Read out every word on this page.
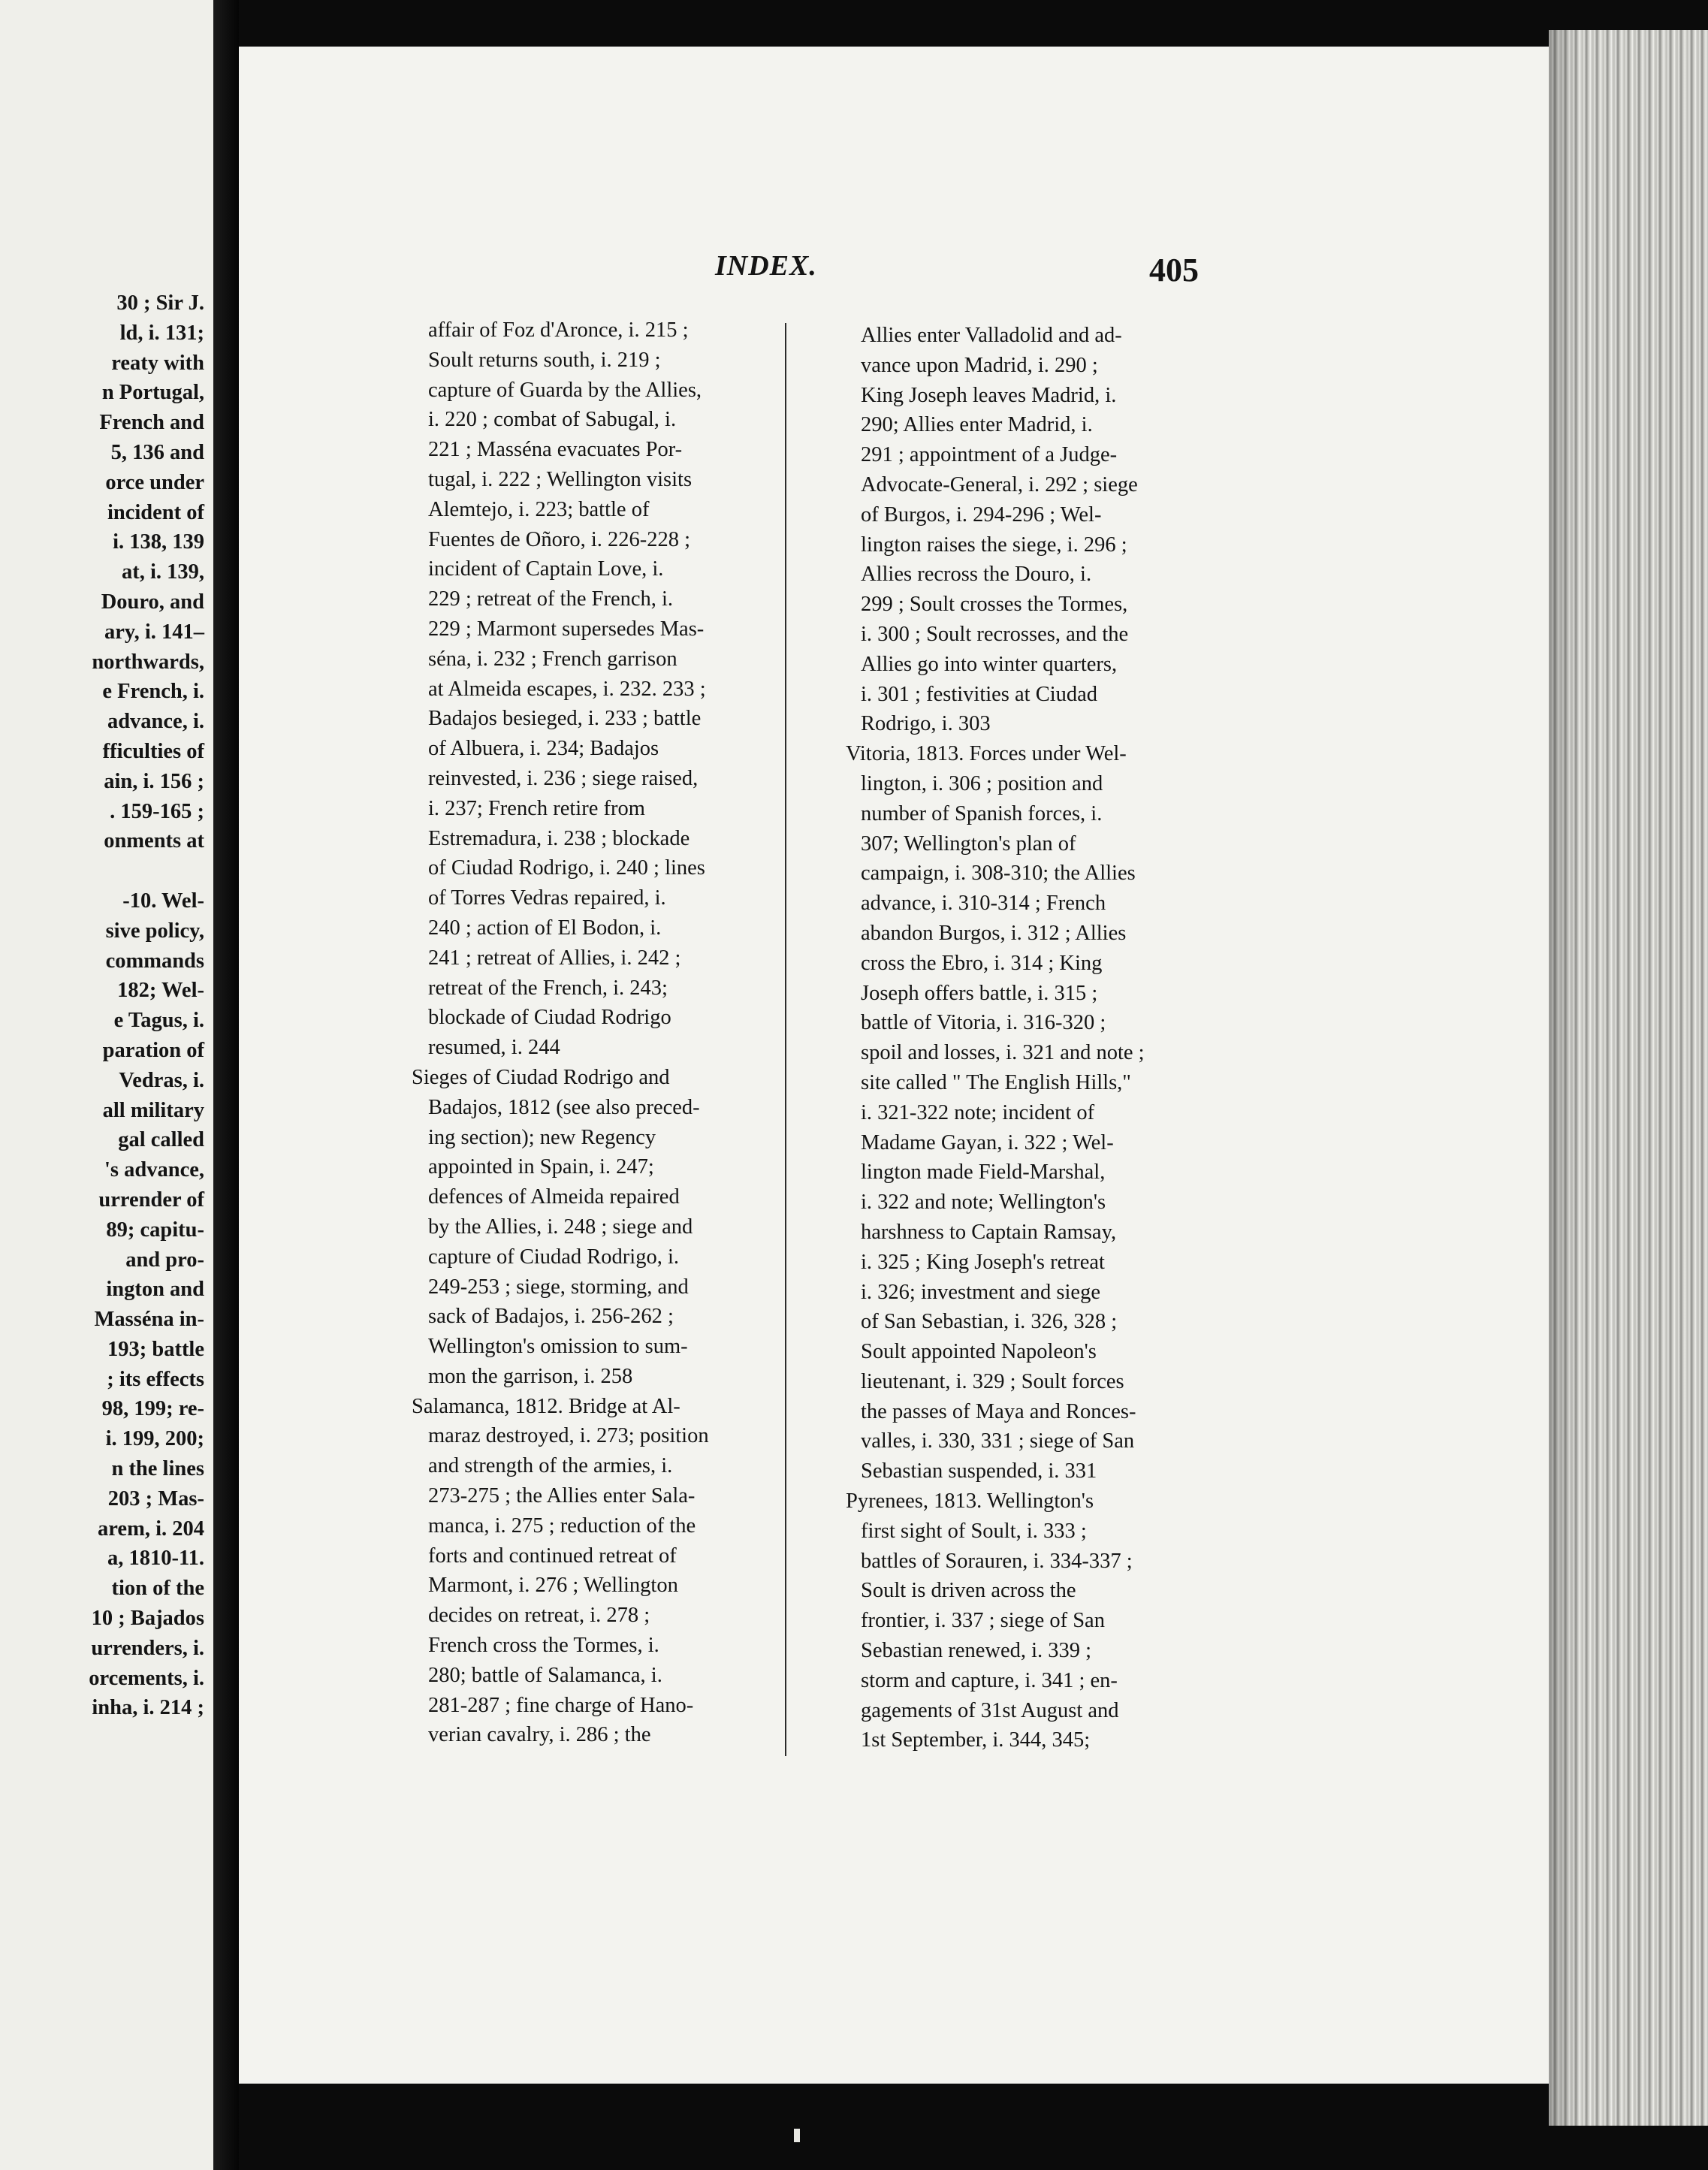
30 ; Sir J.
ld, i. 131;
reaty with
n Portugal,
French and
5, 136 and
orce under
incident of
i. 138, 139
at, i. 139,
Douro, and
ary, i. 141–
northwards,
e French, i.
advance, i.
fficulties of
ain, i. 156 ;
. 159-165 ;
onments at
-10. Wel-
sive policy,
commands
182; Wel-
e Tagus, i.
paration of
Vedras, i.
all military
gal called
's advance,
urrender of
89; capitu-
and pro-
ington and
Masséna in-
193; battle
; its effects
98, 199; re-
i. 199, 200;
n the lines
203 ; Mas-
arem, i. 204
a, 1810-11.
tion of the
10 ; Bajados
urrenders, i.
orcements, i.
inha, i. 214 ;
INDEX.	405
affair of Foz d'Aronce, i. 215 ;
Soult returns south, i. 219 ;
capture of Guarda by the Allies,
i. 220 ; combat of Sabugal, i.
221 ; Masséna evacuates Por-
tugal, i. 222 ; Wellington visits
Alemtejo, i. 223; battle of
Fuentes de Oñoro, i. 226-228 ;
incident of Captain Love, i.
229 ; retreat of the French, i.
229 ; Marmont supersedes Mas-
séna, i. 232 ; French garrison
at Almeida escapes, i. 232. 233 ;
Badajos besieged, i. 233 ; battle
of Albuera, i. 234; Badajos
reinvested, i. 236 ; siege raised,
i. 237; French retire from
Estremadura, i. 238 ; blockade
of Ciudad Rodrigo, i. 240 ; lines
of Torres Vedras repaired, i.
240 ; action of El Bodon, i.
241 ; retreat of Allies, i. 242 ;
retreat of the French, i. 243;
blockade of Ciudad Rodrigo
resumed, i. 244
Sieges of Ciudad Rodrigo and
Badajos, 1812 (see also preced-
ing section); new Regency
appointed in Spain, i. 247;
defences of Almeida repaired
by the Allies, i. 248 ; siege and
capture of Ciudad Rodrigo, i.
249-253 ; siege, storming, and
sack of Badajos, i. 256-262 ;
Wellington's omission to sum-
mon the garrison, i. 258
Salamanca, 1812. Bridge at Al-
maraz destroyed, i. 273; position
and strength of the armies, i.
273-275 ; the Allies enter Sala-
manca, i. 275 ; reduction of the
forts and continued retreat of
Marmont, i. 276 ; Wellington
decides on retreat, i. 278 ;
French cross the Tormes, i.
280; battle of Salamanca, i.
281-287 ; fine charge of Hano-
verian cavalry, i. 286 ; the
Allies enter Valladolid and ad-
vance upon Madrid, i. 290 ;
King Joseph leaves Madrid, i.
290; Allies enter Madrid, i.
291 ; appointment of a Judge-
Advocate-General, i. 292 ; siege
of Burgos, i. 294-296 ; Wel-
lington raises the siege, i. 296 ;
Allies recross the Douro, i.
299 ; Soult crosses the Tormes,
i. 300 ; Soult recrosses, and the
Allies go into winter quarters,
i. 301 ; festivities at Ciudad
Rodrigo, i. 303
Vitoria, 1813. Forces under Wel-
lington, i. 306 ; position and
number of Spanish forces, i.
307; Wellington's plan of
campaign, i. 308-310; the Allies
advance, i. 310-314 ; French
abandon Burgos, i. 312 ; Allies
cross the Ebro, i. 314 ; King
Joseph offers battle, i. 315 ;
battle of Vitoria, i. 316-320 ;
spoil and losses, i. 321 and note ;
site called " The English Hills,"
i. 321-322 note; incident of
Madame Gayan, i. 322 ; Wel-
lington made Field-Marshal,
i. 322 and note; Wellington's
harshness to Captain Ramsay,
i. 325 ; King Joseph's retreat
i. 326; investment and siege
of San Sebastian, i. 326, 328 ;
Soult appointed Napoleon's
lieutenant, i. 329 ; Soult forces
the passes of Maya and Ronces-
valles, i. 330, 331 ; siege of San
Sebastian suspended, i. 331
Pyrenees, 1813. Wellington's
first sight of Soult, i. 333 ;
battles of Sorauren, i. 334-337 ;
Soult is driven across the
frontier, i. 337 ; siege of San
Sebastian renewed, i. 339 ;
storm and capture, i. 341 ; en-
gagements of 31st August and
1st September, i. 344, 345;
